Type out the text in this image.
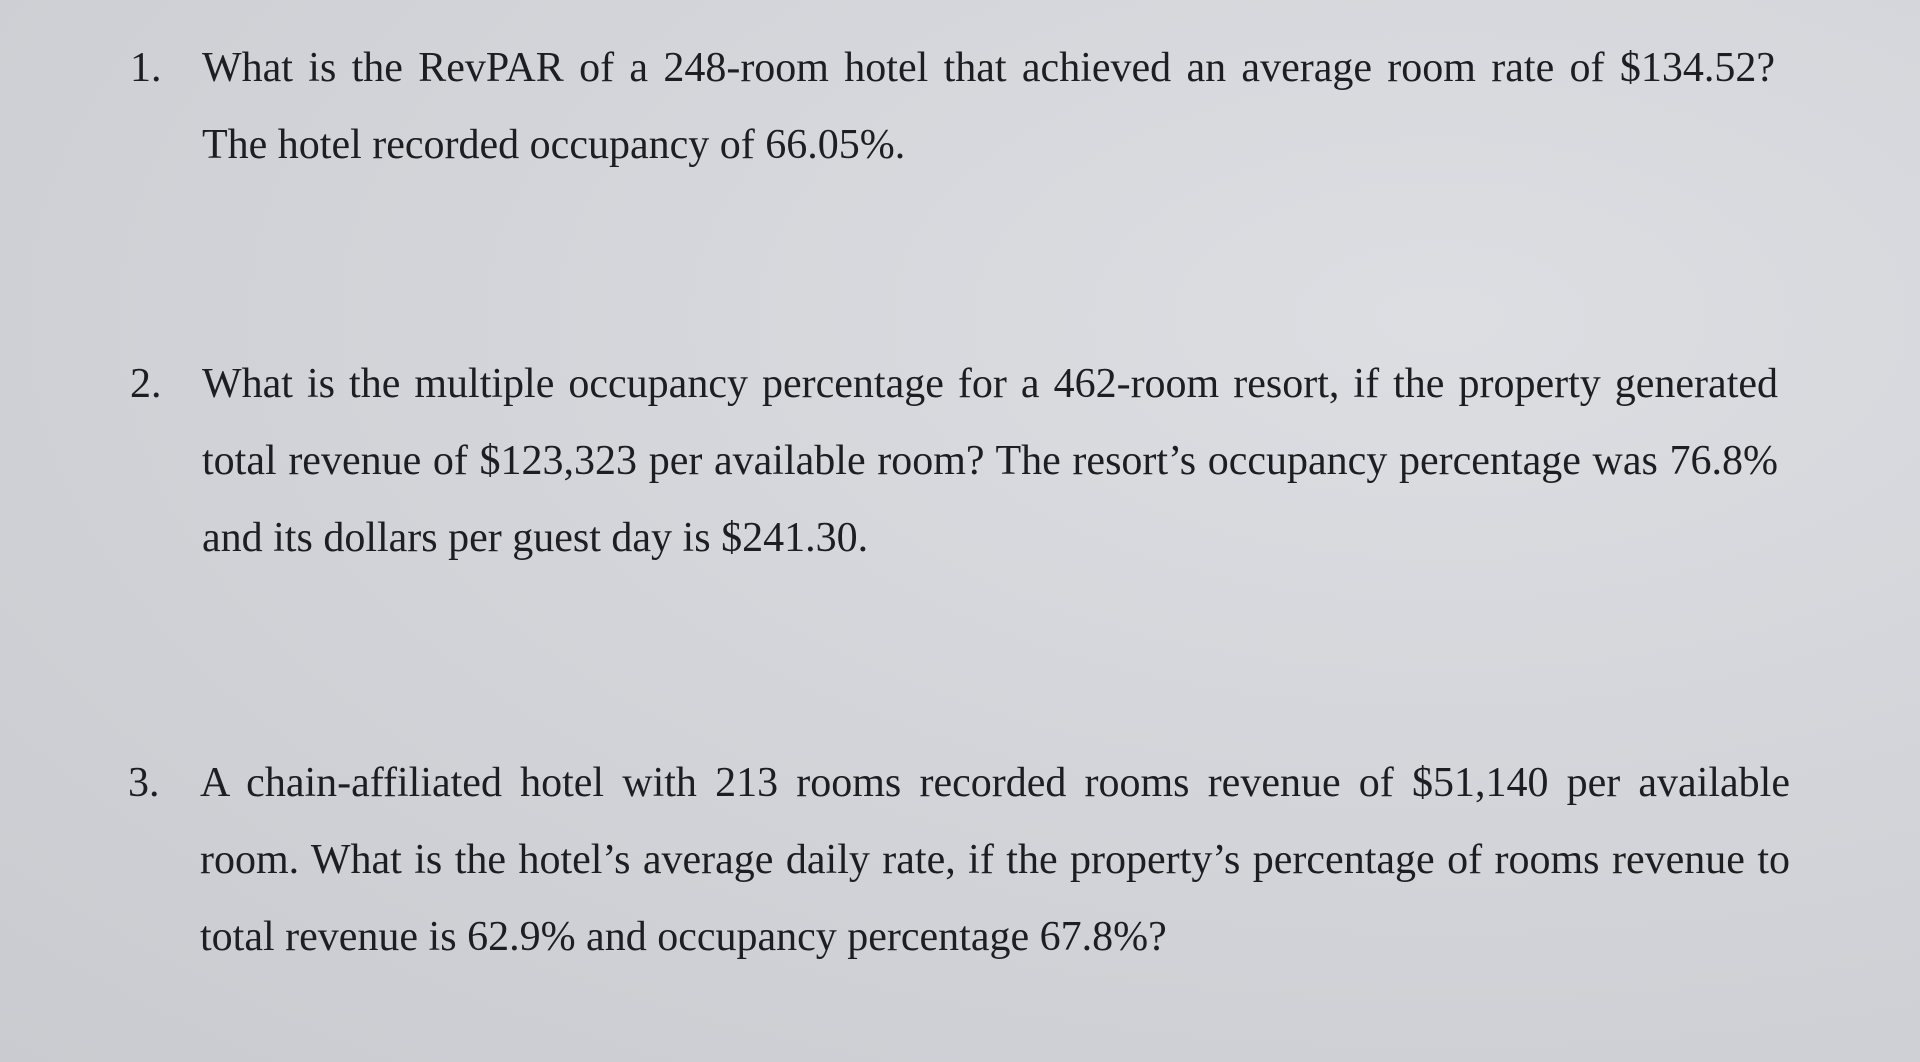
1. What is the RevPAR of a 248-room hotel that achieved an average room rate of $134.52? The hotel recorded occupancy of 66.05%.
2. What is the multiple occupancy percentage for a 462-room resort, if the property generated total revenue of $123,323 per available room? The resort’s occupancy percentage was 76.8% and its dollars per guest day is $241.30.
3. A chain-affiliated hotel with 213 rooms recorded rooms revenue of $51,140 per available room. What is the hotel’s average daily rate, if the property’s percentage of rooms revenue to total revenue is 62.9% and occupancy percentage 67.8%?
